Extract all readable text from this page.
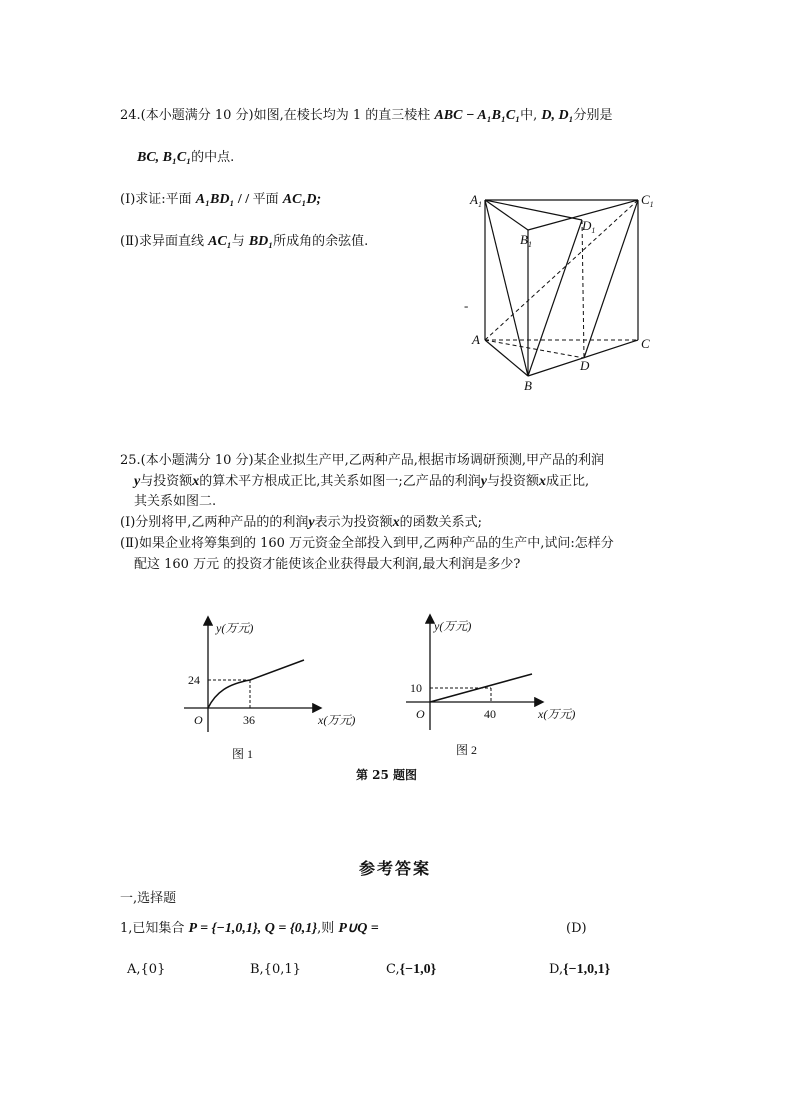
24.(本小题满分 10 分)如图,在棱长均为 1 的直三棱柱 ABC − A₁B₁C₁中, D, D₁分别是
BC, B₁C₁的中点.
(Ⅰ)求证:平面 A₁BD₁ / / 平面 AC₁D;
(Ⅱ)求异面直线 AC₁与 BD₁所成角的余弦值.
$A_1$	$C_1$
$B_1$
$D_1$
A	C
B
D
-
25.(本小题满分 10 分)某企业拟生产甲,乙两种产品,根据市场调研预测,甲产品的利润
y与投资额x的算术平方根成正比,其关系如图一;乙产品的利润y与投资额x成正比,
其关系如图二.
(Ⅰ)分别将甲,乙两种产品的的利润y表示为投资额x的函数关系式;
(Ⅱ)如果企业将筹集到的 160 万元资金全部投入到甲,乙两种产品的生产中,试问:怎样分
配这 160 万元 的投资才能使该企业获得最大利润,最大利润是多少?
y(万元)
x(万元)
O
24
36
图 1
y(万元)
x(万元)
O
10
40
图 2
第 25 题图
参考答案
一,选择题
1,已知集合 P = {−1,0,1}, Q = {0,1},则 P∪Q =	(D)
A,{0}	B,{0,1}	C,{−1,0}	D,{−1,0,1}
